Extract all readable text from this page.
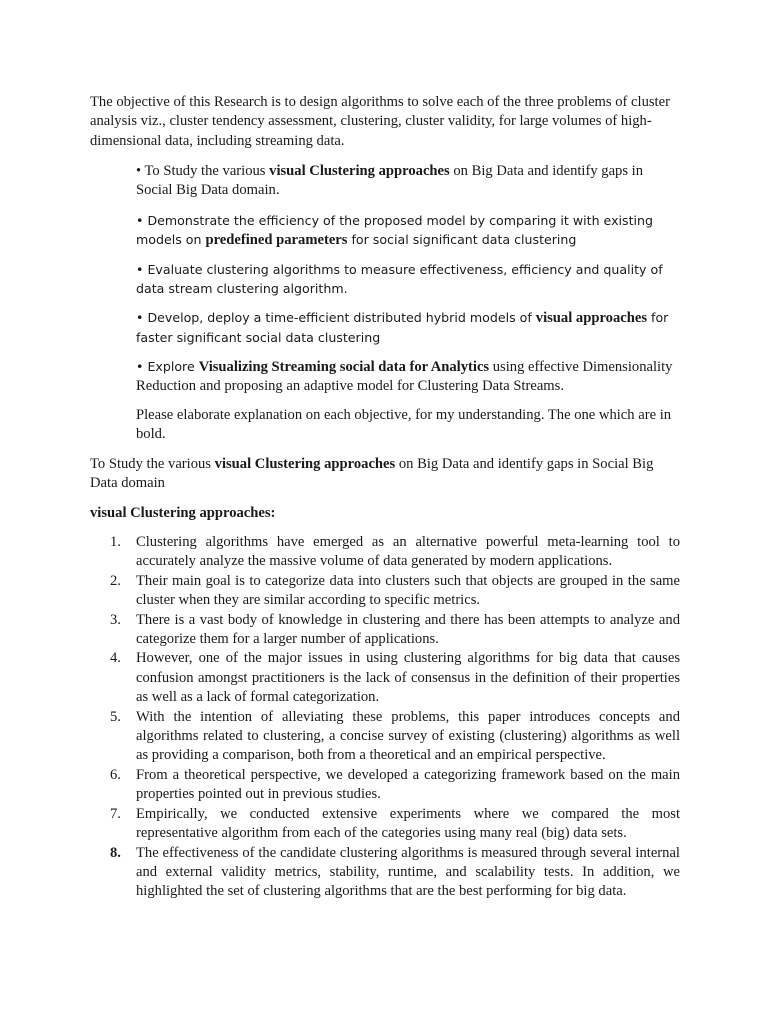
The objective of this Research is to design algorithms to solve each of the three problems of cluster analysis viz., cluster tendency assessment, clustering, cluster validity, for large volumes of high-dimensional data, including streaming data.

• To Study the various visual Clustering approaches on Big Data and identify gaps in Social Big Data domain.

• Demonstrate the efficiency of the proposed model by comparing it with existing models on predefined parameters for social significant data clustering

• Evaluate clustering algorithms to measure effectiveness, efficiency and quality of data stream clustering algorithm.

• Develop, deploy a time-efficient distributed hybrid models of visual approaches for faster significant social data clustering

• Explore Visualizing Streaming social data for Analytics using effective Dimensionality Reduction and proposing an adaptive model for Clustering Data Streams.

Please elaborate explanation on each objective, for my understanding. The one which are in bold.

To Study the various visual Clustering approaches on Big Data and identify gaps in Social Big Data domain

visual Clustering approaches:

1. Clustering algorithms have emerged as an alternative powerful meta-learning tool to accurately analyze the massive volume of data generated by modern applications.
2. Their main goal is to categorize data into clusters such that objects are grouped in the same cluster when they are similar according to specific metrics.
3. There is a vast body of knowledge in clustering and there has been attempts to analyze and categorize them for a larger number of applications.
4. However, one of the major issues in using clustering algorithms for big data that causes confusion amongst practitioners is the lack of consensus in the definition of their properties as well as a lack of formal categorization.
5. With the intention of alleviating these problems, this paper introduces concepts and algorithms related to clustering, a concise survey of existing (clustering) algorithms as well as providing a comparison, both from a theoretical and an empirical perspective.
6. From a theoretical perspective, we developed a categorizing framework based on the main properties pointed out in previous studies.
7. Empirically, we conducted extensive experiments where we compared the most representative algorithm from each of the categories using many real (big) data sets.
8. The effectiveness of the candidate clustering algorithms is measured through several internal and external validity metrics, stability, runtime, and scalability tests. In addition, we highlighted the set of clustering algorithms that are the best performing for big data.
